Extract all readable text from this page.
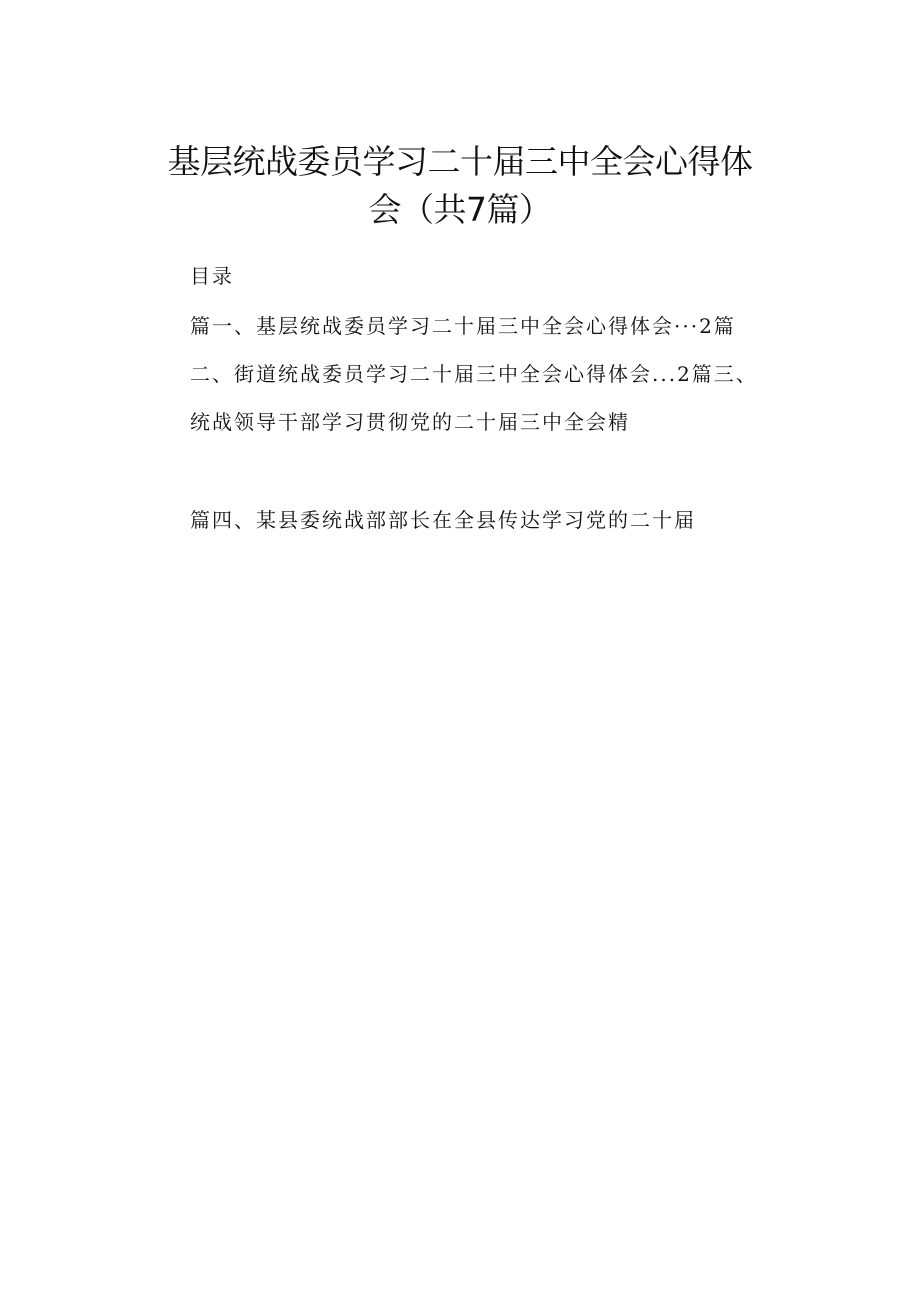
基层统战委员学习二十届三中全会心得体
会（共7篇）

目录

篇一、基层统战委员学习二十届三中全会心得体会···2篇

二、街道统战委员学习二十届三中全会心得体会...2篇三、

统战领导干部学习贯彻党的二十届三中全会精

篇四、某县委统战部部长在全县传达学习党的二十届
